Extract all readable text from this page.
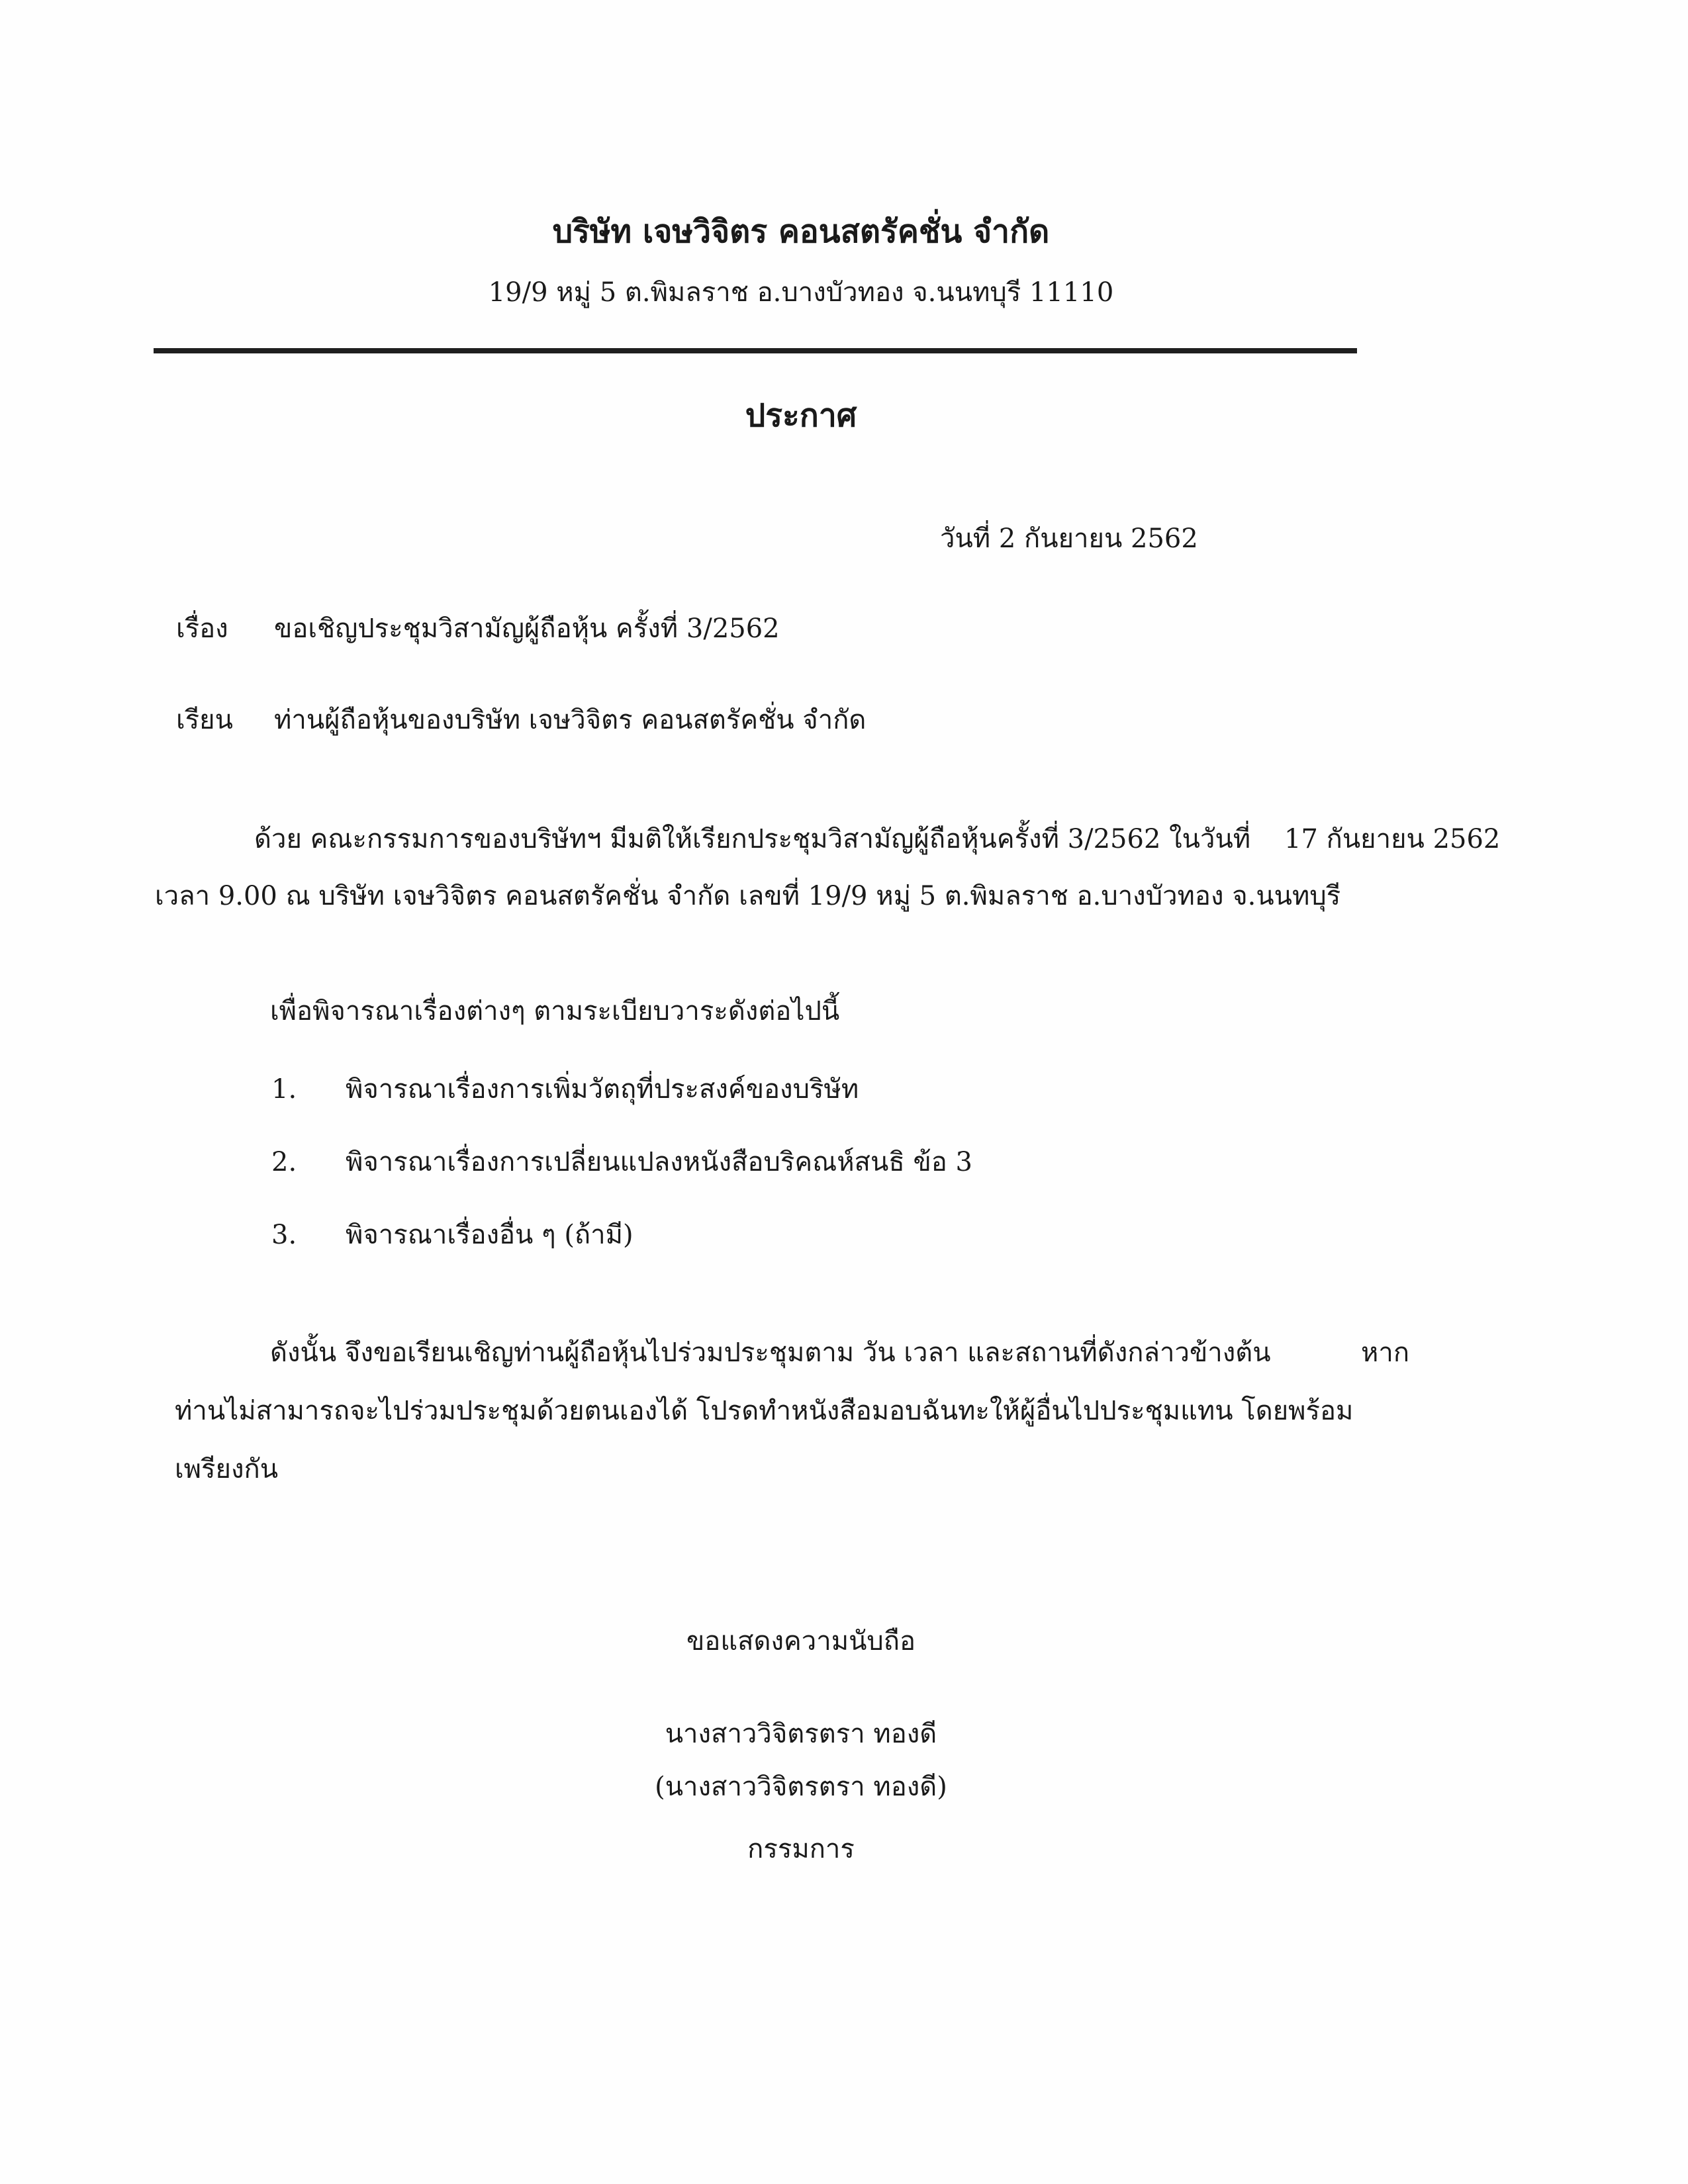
บริษัท เจษวิจิตร คอนสตรัคชั่น จำกัด
19/9 หมู่ 5 ต.พิมลราช อ.บางบัวทอง จ.นนทบุรี 11110
ประกาศ
วันที่ 2 กันยายน 2562
เรื่อง ขอเชิญประชุมวิสามัญผู้ถือหุ้น ครั้งที่ 3/2562
เรียน ท่านผู้ถือหุ้นของบริษัท เจษวิจิตร คอนสตรัคชั่น จำกัด
ด้วย คณะกรรมการของบริษัทฯ มีมติให้เรียกประชุมวิสามัญผู้ถือหุ้นครั้งที่ 3/2562 ในวันที่ 17 กันยายน 2562
เวลา 9.00 ณ บริษัท เจษวิจิตร คอนสตรัคชั่น จำกัด เลขที่ 19/9 หมู่ 5 ต.พิมลราช อ.บางบัวทอง จ.นนทบุรี
เพื่อพิจารณาเรื่องต่างๆ ตามระเบียบวาระดังต่อไปนี้
1. พิจารณาเรื่องการเพิ่มวัตถุที่ประสงค์ของบริษัท
2. พิจารณาเรื่องการเปลี่ยนแปลงหนังสือบริคณห์สนธิ ข้อ 3
3. พิจารณาเรื่องอื่น ๆ (ถ้ามี)
ดังนั้น จึงขอเรียนเชิญท่านผู้ถือหุ้นไปร่วมประชุมตาม วัน เวลา และสถานที่ดังกล่าวข้างต้น	หาก
ท่านไม่สามารถจะไปร่วมประชุมด้วยตนเองได้ โปรดทำหนังสือมอบฉันทะให้ผู้อื่นไปประชุมแทน โดยพร้อม
เพรียงกัน
ขอแสดงความนับถือ
นางสาววิจิตรตรา ทองดี
(นางสาววิจิตรตรา ทองดี)
กรรมการ
